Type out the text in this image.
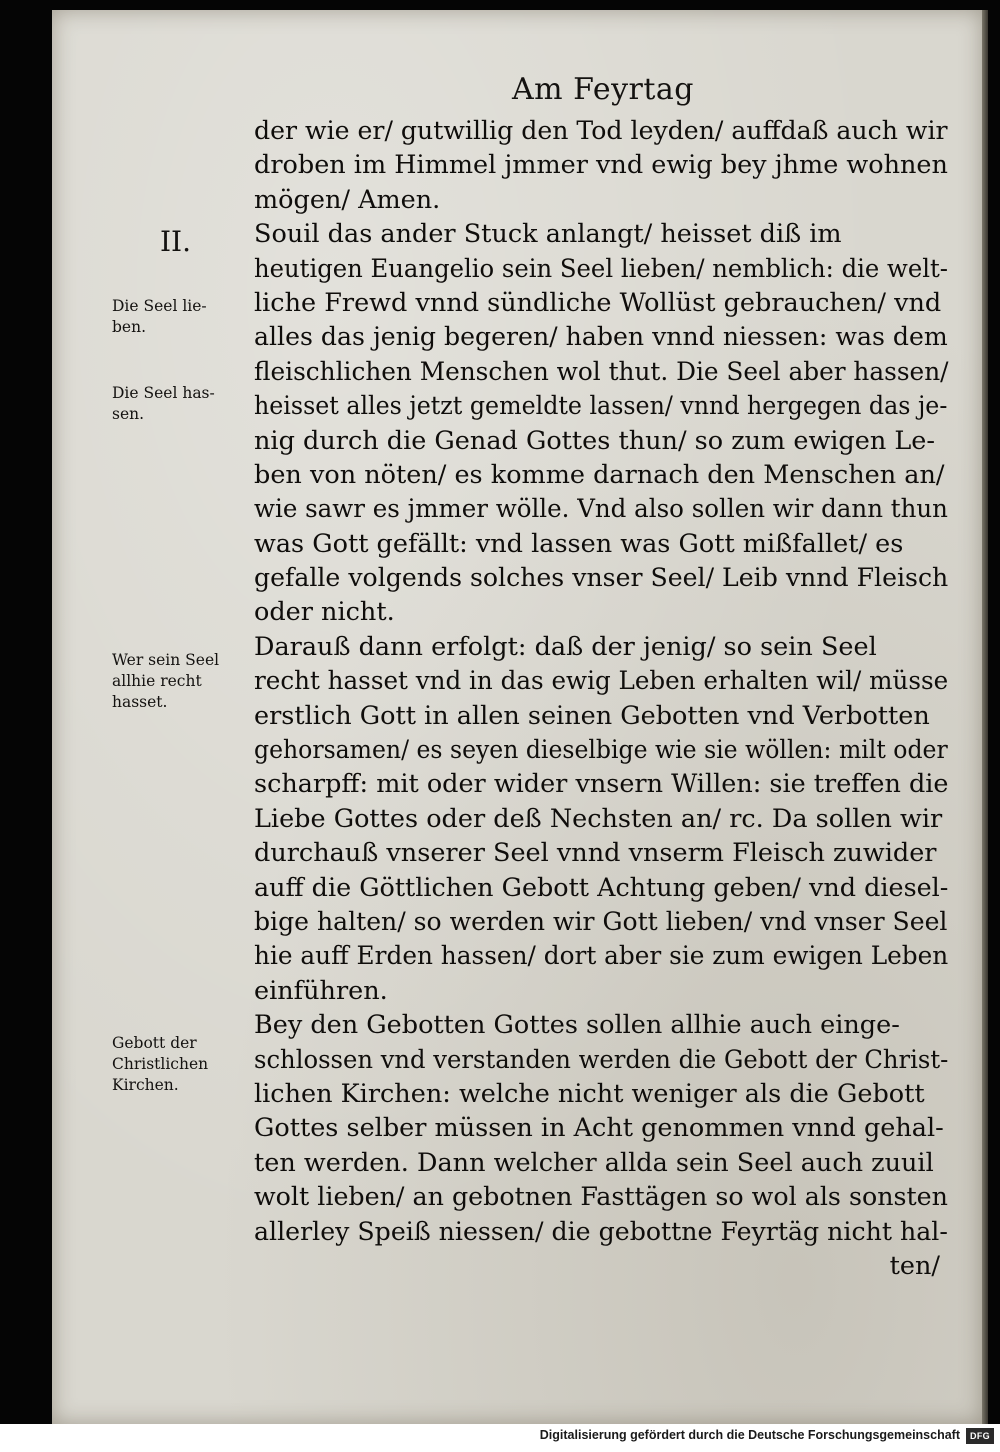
Am Feyrtag
II.
Die Seel lie-
ben.
Die Seel has-
sen.
Wer sein Seel
allhie recht
hasset.
Gebott der
Christlichen
Kirchen.
der wie er/ gutwillig den Tod leyden/ auffdaß auch wir
droben im Himmel jmmer vnd ewig bey jhme wohnen
mögen/ Amen.
Souil das ander Stuck anlangt/ heisset diß im
heutigen Euangelio sein Seel lieben/ nemblich: die welt-
liche Frewd vnnd sündliche Wollüst gebrauchen/ vnd
alles das jenig begeren/ haben vnnd niessen: was dem
fleischlichen Menschen wol thut. Die Seel aber hassen/
heisset alles jetzt gemeldte lassen/ vnnd hergegen das je-
nig durch die Genad Gottes thun/ so zum ewigen Le-
ben von nöten/ es komme darnach den Menschen an/
wie sawr es jmmer wölle. Vnd also sollen wir dann thun
was Gott gefällt: vnd lassen was Gott mißfallet/ es
gefalle volgends solches vnser Seel/ Leib vnnd Fleisch
oder nicht.
Darauß dann erfolgt: daß der jenig/ so sein Seel
recht hasset vnd in das ewig Leben erhalten wil/ müsse
erstlich Gott in allen seinen Gebotten vnd Verbotten
gehorsamen/ es seyen dieselbige wie sie wöllen: milt oder
scharpff: mit oder wider vnsern Willen: sie treffen die
Liebe Gottes oder deß Nechsten an/ rc. Da sollen wir
durchauß vnserer Seel vnnd vnserm Fleisch zuwider
auff die Göttlichen Gebott Achtung geben/ vnd diesel-
bige halten/ so werden wir Gott lieben/ vnd vnser Seel
hie auff Erden hassen/ dort aber sie zum ewigen Leben
einführen.
Bey den Gebotten Gottes sollen allhie auch einge-
schlossen vnd verstanden werden die Gebott der Christ-
lichen Kirchen: welche nicht weniger als die Gebott
Gottes selber müssen in Acht genommen vnnd gehal-
ten werden. Dann welcher allda sein Seel auch zuuil
wolt lieben/ an gebotnen Fasttägen so wol als sonsten
allerley Speiß niessen/ die gebottne Feyrtäg nicht hal-
ten/
Digitalisierung gefördert durch die Deutsche Forschungsgemeinschaft	DFG
